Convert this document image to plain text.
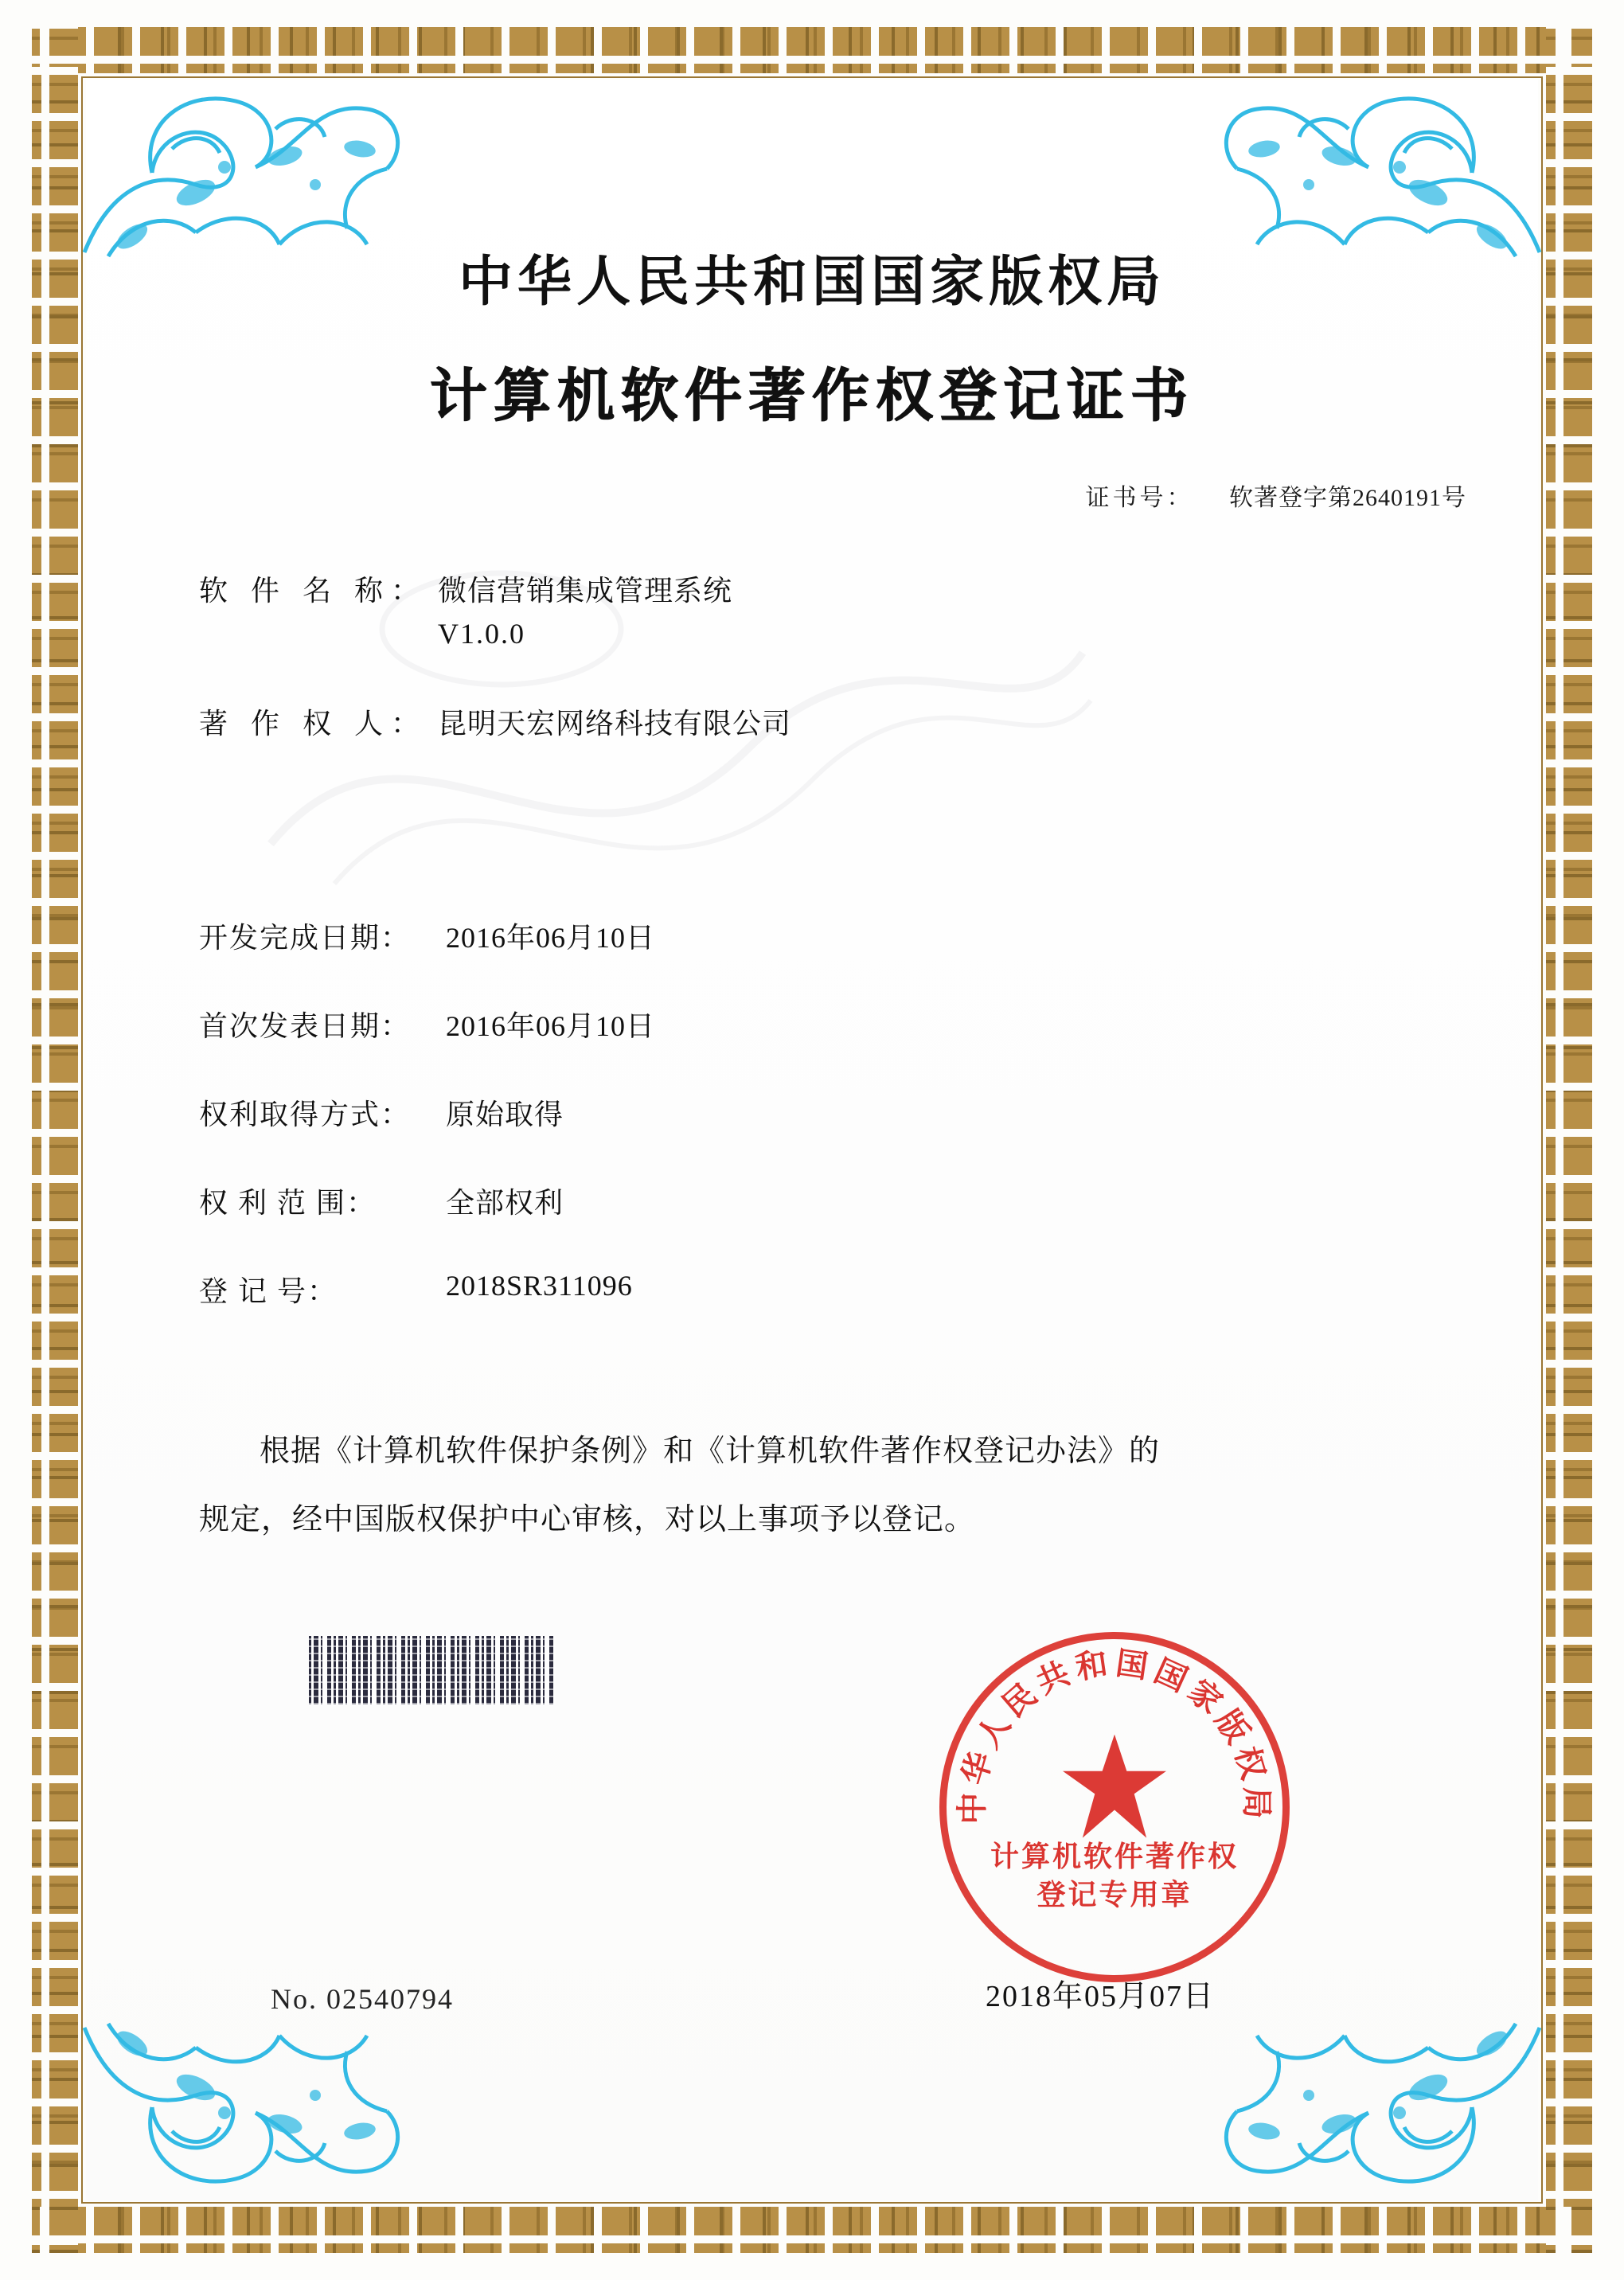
中华人民共和国国家版权局
计算机软件著作权登记证书
证书号： 软著登字第2640191号
软 件 名 称： 微信营销集成管理系统
V1.0.0
著 作 权 人： 昆明天宏网络科技有限公司
开发完成日期：	2016年06月10日
首次发表日期：	2016年06月10日
权利取得方式：	原始取得
权 利 范 围：	全部权利
登 记 号：	2018SR311096
根据《计算机软件保护条例》和《计算机软件著作权登记办法》的
规定，经中国版权保护中心审核，对以上事项予以登记。
中华人民共和国国家版权局
计算机软件著作权
登记专用章
2018年05月07日
No. 02540794
